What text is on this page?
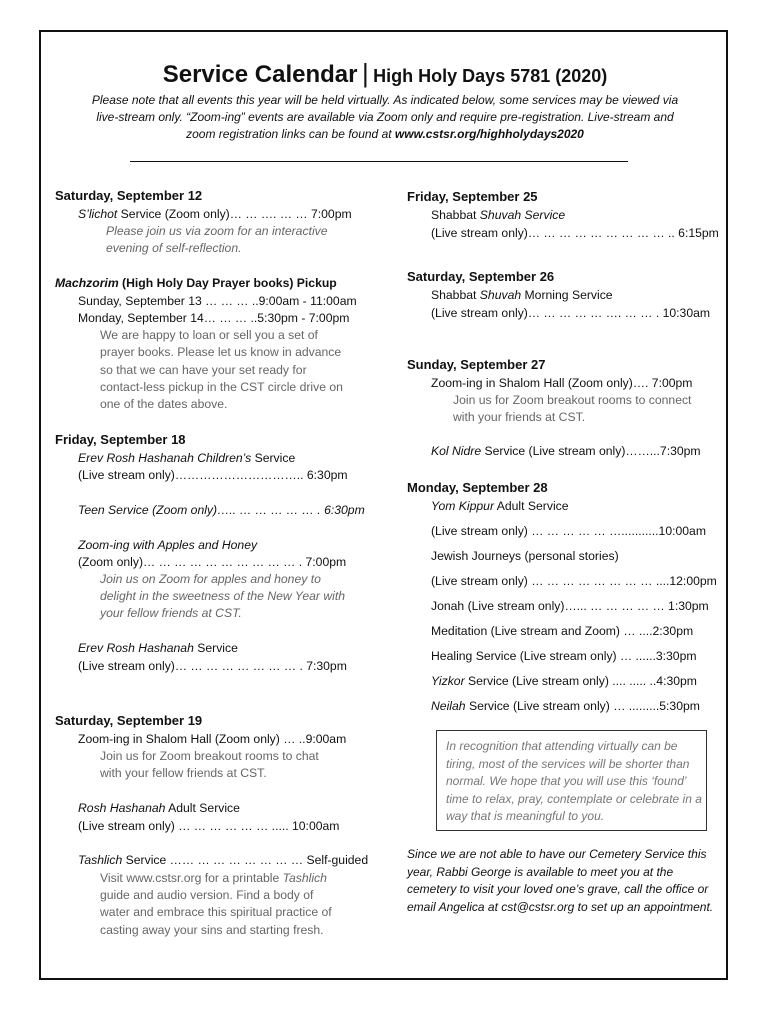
Service Calendar | High Holy Days 5781 (2020)
Please note that all events this year will be held virtually. As indicated below, some services may be viewed via live-stream only. “Zoom-ing” events are available via Zoom only and require pre-registration. Live-stream and zoom registration links can be found at www.cstsr.org/highholydays2020
Saturday, September 12
S’lichot Service (Zoom only)… … …. … … 7:00pm
Please join us via zoom for an interactive
evening of self-reflection.
Machzorim (High Holy Day Prayer books) Pickup
Sunday, September 13 … … … ..9:00am - 11:00am
Monday, September 14… … … ..5:30pm - 7:00pm
We are happy to loan or sell you a set of
prayer books. Please let us know in advance
so that we can have your set ready for
contact-less pickup in the CST circle drive on
one of the dates above.
Friday, September 18
Erev Rosh Hashanah Children’s Service
(Live stream only)………………………….. 6:30pm
Teen Service (Zoom only)….. … … … … … . 6:30pm
Zoom-ing with Apples and Honey
(Zoom only)… … … … … … … … … … . 7:00pm
Join us on Zoom for apples and honey to
delight in the sweetness of the New Year with
your fellow friends at CST.
Erev Rosh Hashanah Service
(Live stream only)… … … … … … … … . 7:30pm
Saturday, September 19
Zoom-ing in Shalom Hall (Zoom only) … ..9:00am
Join us for Zoom breakout rooms to chat
with your fellow friends at CST.
Rosh Hashanah Adult Service
(Live stream only) … … … … … … ..... 10:00am
Tashlich Service …… … … … … … … … Self-guided
Visit www.cstsr.org for a printable Tashlich
guide and audio version. Find a body of
water and embrace this spiritual practice of
casting away your sins and starting fresh.
Friday, September 25
Shabbat Shuvah Service
(Live stream only)… … … … … … … … … .. 6:15pm
Saturday, September 26
Shabbat Shuvah Morning Service
(Live stream only)… … … … … …. … … . 10:30am
Sunday, September 27
Zoom-ing in Shalom Hall (Zoom only)…. 7:00pm
Join us for Zoom breakout rooms to connect
with your friends at CST.
Kol Nidre Service (Live stream only)……...7:30pm
Monday, September 28
Yom Kippur Adult Service
(Live stream only) … … … … … …...........10:00am
Jewish Journeys (personal stories)
(Live stream only) … … … … … … … … ....12:00pm
Jonah (Live stream only)…... … … … … … 1:30pm
Meditation (Live stream and Zoom) … ....2:30pm
Healing Service (Live stream only) … ......3:30pm
Yizkor Service (Live stream only) .... ..... ..4:30pm
Neilah Service (Live stream only) … .........5:30pm
In recognition that attending virtually can be tiring, most of the services will be shorter than normal. We hope that you will use this ‘found’ time to relax, pray, contemplate or celebrate in a way that is meaningful to you.
Since we are not able to have our Cemetery Service this year, Rabbi George is available to meet you at the cemetery to visit your loved one’s grave, call the office or email Angelica at cst@cstsr.org to set up an appointment.
